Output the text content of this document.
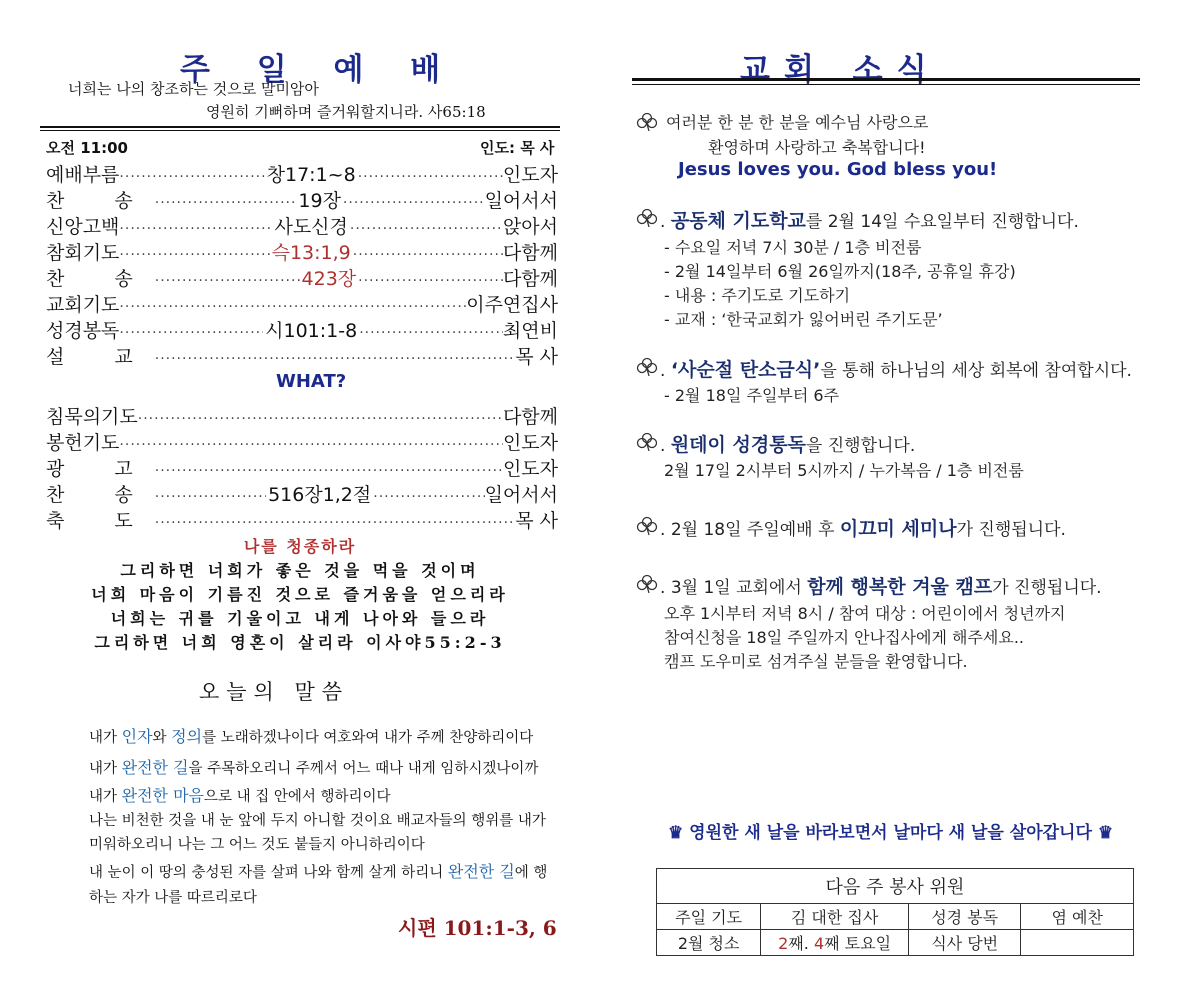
주 일 예 배
너희는 나의 창조하는 것으로 말미암아
영원히 기뻐하며 즐거워할지니라. 사65:18
오전 11:00	인도: 목 사
예배부름 ·····	창17:1~8 ·····	인도자
찬 송 ·····	19장 ·····	일어서서
신앙고백 ·····	사도신경 ·····	앉아서
참회기도 ·····	슥13:1,9 ·····	다함께
찬 송 ·····	423장 ·····	다함께
교회기도 ·····	이주연집사
성경봉독 ·····	시101:1-8 ·····	최연비
설 교 ·····	목 사
WHAT?
침묵의기도 ·····	다함께
봉헌기도 ·····	인도자
광 고 ·····	인도자
찬 송 ·····	516장1,2절 ·····	일어서서
축 도 ·····	목 사
나를 청종하라
그리하면 너희가 좋은 것을 먹을 것이며
너희 마음이 기름진 것으로 즐거움을 얻으리라
너희는 귀를 기울이고 내게 나아와 들으라
그리하면 너희 영혼이 살리라 이사야55:2-3
오늘의 말씀
내가 인자와 정의를 노래하겠나이다 여호와여 내가 주께 찬양하리이다
내가 완전한 길을 주목하오리니 주께서 어느 때나 내게 임하시겠나이까
내가 완전한 마음으로 내 집 안에서 행하리이다
나는 비천한 것을 내 눈 앞에 두지 아니할 것이요 배교자들의 행위를 내가
미워하오리니 나는 그 어느 것도 붙들지 아니하리이다
내 눈이 이 땅의 충성된 자를 살펴 나와 함께 살게 하리니 완전한 길에 행
하는 자가 나를 따르리로다
시편 101:1-3, 6
교회 소식
여러분 한 분 한 분을 예수님 사랑으로
환영하며 사랑하고 축복합니다!
Jesus loves you. God bless you!
. 공동체 기도학교를 2월 14일 수요일부터 진행합니다.
- 수요일 저녁 7시 30분 / 1층 비전룸
- 2월 14일부터 6월 26일까지(18주, 공휴일 휴강)
- 내용 : 주기도로 기도하기
- 교재 : ‘한국교회가 잃어버린 주기도문’
. ‘사순절 탄소금식’을 통해 하나님의 세상 회복에 참여합시다.
- 2월 18일 주일부터 6주
. 원데이 성경통독을 진행합니다.
2월 17일 2시부터 5시까지 / 누가복음 / 1층 비전룸
. 2월 18일 주일예배 후 이끄미 세미나가 진행됩니다.
. 3월 1일 교회에서 함께 행복한 겨울 캠프가 진행됩니다.
오후 1시부터 저녁 8시 / 참여 대상 : 어린이에서 청년까지
참여신청을 18일 주일까지 안나집사에게 해주세요..
캠프 도우미로 섬겨주실 분들을 환영합니다.
♛ 영원한 새 날을 바라보면서 날마다 새 날을 살아갑니다 ♛
다음 주 봉사 위원			
주일 기도	김 대한 집사	성경 봉독	염 예찬
2월 청소	2째. 4째 토요일	식사 당번	
